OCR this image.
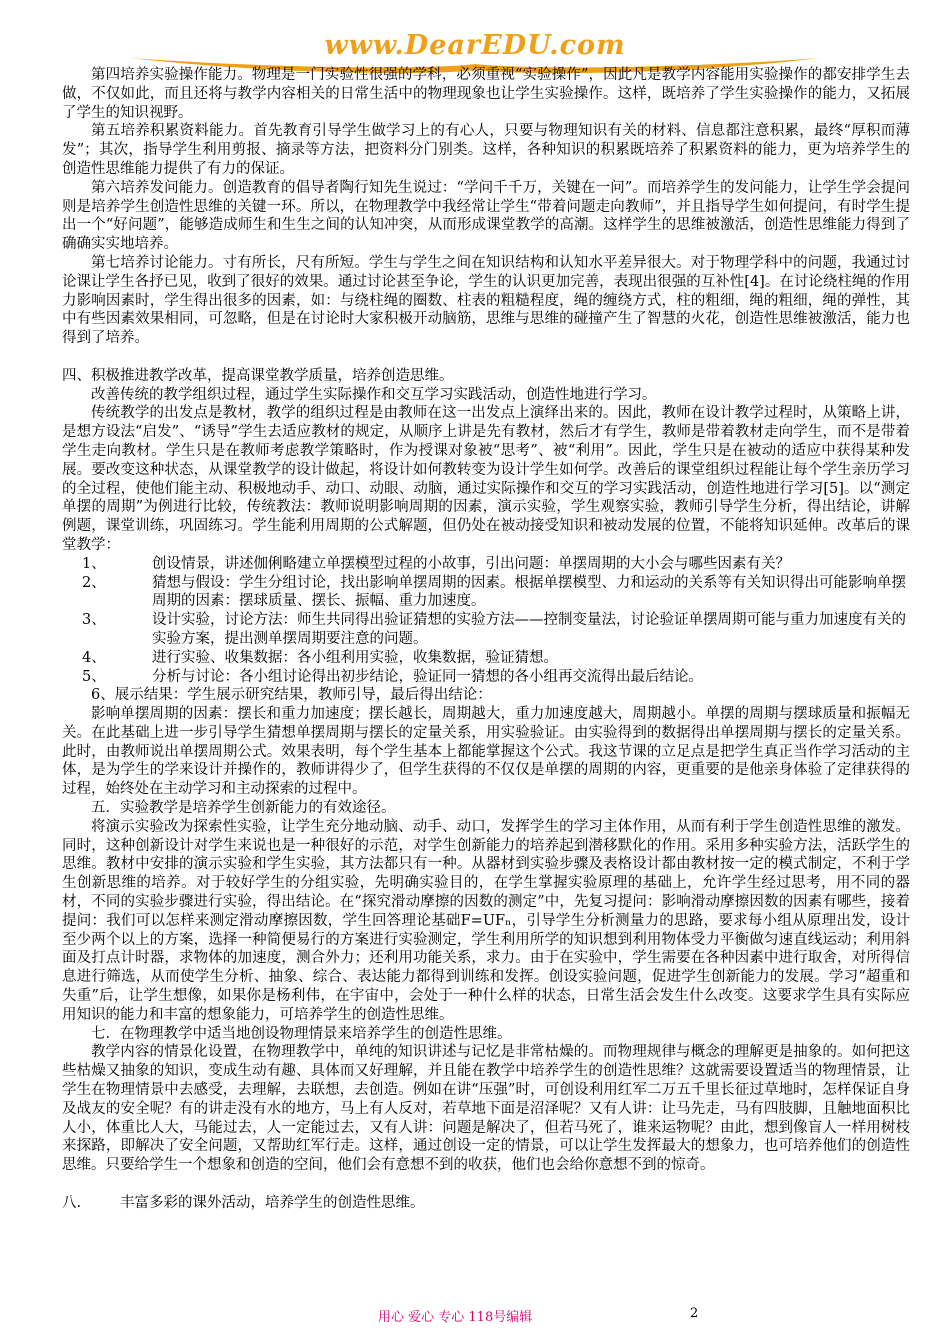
www.DearEDU.com

第四培养实验操作能力。物理是一门实验性很强的学科，必须重视“实验操作”，因此凡是教学内容能用实验操作的都安排学生去做，不仅如此，而且还将与教学内容相关的日常生活中的物理现象也让学生实验操作。这样，既培养了学生实验操作的能力，又拓展了学生的知识视野。

第五培养积累资料能力。首先教育引导学生做学习上的有心人，只要与物理知识有关的材料、信息都注意积累，最终“厚积而薄发”；其次，指导学生利用剪报、摘录等方法，把资料分门别类。这样，各种知识的积累既培养了积累资料的能力，更为培养学生的创造性思维能力提供了有力的保证。

第六培养发问能力。创造教育的倡导者陶行知先生说过：“学问千千万，关键在一问”。而培养学生的发问能力，让学生学会提问则是培养学生创造性思维的关键一环。所以，在物理教学中我经常让学生“带着问题走向教师”，并且指导学生如何提问，有时学生提出一个“好问题”，能够造成师生和生生之间的认知冲突，从而形成课堂教学的高潮。这样学生的思维被激活，创造性思维能力得到了确确实实地培养。

第七培养讨论能力。寸有所长，尺有所短。学生与学生之间在知识结构和认知水平差异很大。对于物理学科中的问题，我通过讨论课让学生各抒已见，收到了很好的效果。通过讨论甚至争论，学生的认识更加完善，表现出很强的互补性[4]。在讨论绕柱绳的作用力影响因素时，学生得出很多的因素，如：与绕柱绳的圈数、柱表的粗糙程度，绳的缠绕方式，柱的粗细，绳的粗细，绳的弹性，其中有些因素效果相同，可忽略，但是在讨论时大家积极开动脑筋，思维与思维的碰撞产生了智慧的火花，创造性思维被激活，能力也得到了培养。

四、积极推进教学改革，提高课堂教学质量，培养创造思维。

改善传统的教学组织过程，通过学生实际操作和交互学习实践活动，创造性地进行学习。

传统教学的出发点是教材，教学的组织过程是由教师在这一出发点上演绎出来的。因此，教师在设计教学过程时，从策略上讲，是想方设法“启发”、“诱导”学生去适应教材的规定，从顺序上讲是先有教材，然后才有学生，教师是带着教材走向学生，而不是带着学生走向教材。学生只是在教师考虑教学策略时，作为授课对象被“思考”、被“利用”。因此，学生只是在被动的适应中获得某种发展。要改变这种状态，从课堂教学的设计做起，将设计如何教转变为设计学生如何学。改善后的课堂组织过程能让每个学生亲历学习的全过程，使他们能主动、积极地动手、动口、动眼、动脑，通过实际操作和交互的学习实践活动，创造性地进行学习[5]。以“测定单摆的周期”为例进行比较，传统教法：教师说明影响周期的因素，演示实验，学生观察实验，教师引导学生分析，得出结论，讲解例题，课堂训练，巩固练习。学生能利用周期的公式解题，但仍处在被动接受知识和被动发展的位置，不能将知识延伸。改革后的课堂教学：

1、	创设情景，讲述伽俐略建立单摆模型过程的小故事，引出问题：单摆周期的大小会与哪些因素有关？
2、	猜想与假设：学生分组讨论，找出影响单摆周期的因素。根据单摆模型、力和运动的关系等有关知识得出可能影响单摆周期的因素：摆球质量、摆长、振幅、重力加速度。
3、	设计实验，讨论方法：师生共同得出验证猜想的实验方法——控制变量法，讨论验证单摆周期可能与重力加速度有关的实验方案，提出测单摆周期要注意的问题。
4、	进行实验、收集数据：各小组利用实验，收集数据，验证猜想。
5、	分析与讨论：各小组讨论得出初步结论，验证同一猜想的各小组再交流得出最后结论。

6、展示结果：学生展示研究结果，教师引导，最后得出结论：

影响单摆周期的因素：摆长和重力加速度；摆长越长，周期越大，重力加速度越大，周期越小。单摆的周期与摆球质量和振幅无关。在此基础上进一步引导学生猜想单摆周期与摆长的定量关系，用实验验证。由实验得到的数据得出单摆周期与摆长的定量关系。此时，由教师说出单摆周期公式。效果表明，每个学生基本上都能掌握这个公式。我这节课的立足点是把学生真正当作学习活动的主体，是为学生的学来设计并操作的，教师讲得少了，但学生获得的不仅仅是单摆的周期的内容，更重要的是他亲身体验了定律获得的过程，始终处在主动学习和主动探索的过程中。

五．实验教学是培养学生创新能力的有效途径。

将演示实验改为探索性实验，让学生充分地动脑、动手、动口，发挥学生的学习主体作用，从而有利于学生创造性思维的激发。同时，这种创新设计对学生来说也是一种很好的示范，对学生创新能力的培养起到潜移默化的作用。采用多种实验方法，活跃学生的思维。教材中安排的演示实验和学生实验，其方法都只有一种。从器材到实验步骤及表格设计都由教材按一定的模式制定，不利于学生创新思维的培养。对于较好学生的分组实验，先明确实验目的，在学生掌握实验原理的基础上，允许学生经过思考，用不同的器材，不同的实验步骤进行实验，得出结论。在“探究滑动摩擦的因数的测定”中，先复习提问：影响滑动摩擦因数的因素有哪些，接着提问：我们可以怎样来测定滑动摩擦因数，学生回答理论基础F=UFₙ，引导学生分析测量力的思路，要求每小组从原理出发，设计至少两个以上的方案，选择一种简便易行的方案进行实验测定，学生利用所学的知识想到利用物体受力平衡做匀速直线运动；利用斜面及打点计时器，求物体的加速度，测合外力；还利用功能关系，求力。由于在实验中，学生需要在各种因素中进行取舍，对所得信息进行筛选，从而使学生分析、抽象、综合、表达能力都得到训练和发挥。创设实验问题，促进学生创新能力的发展。学习“超重和失重”后，让学生想像，如果你是杨利伟，在宇宙中，会处于一种什么样的状态，日常生活会发生什么改变。这要求学生具有实际应用知识的能力和丰富的想象能力，可培养学生的创造性思维。

七．在物理教学中适当地创设物理情景来培养学生的创造性思维。

教学内容的情景化设置，在物理教学中，单纯的知识讲述与记忆是非常枯燥的。而物理规律与概念的理解更是抽象的。如何把这些枯燥又抽象的知识，变成生动有趣、具体而又好理解，并且能在教学中培养学生的创造性思维？这就需要设置适当的物理情景，让学生在物理情景中去感受，去理解，去联想，去创造。例如在讲“压强”时，可创设利用红军二万五千里长征过草地时，怎样保证自身及战友的安全呢？有的讲走没有水的地方，马上有人反对，若草地下面是沼泽呢？又有人讲：让马先走，马有四肢脚，且触地面积比人小，体重比人大，马能过去，人一定能过去，又有人讲：问题是解决了，但若马死了，谁来运物呢？由此，想到像盲人一样用树枝来探路，即解决了安全问题，又帮助红军行走。这样，通过创设一定的情景，可以让学生发挥最大的想象力，也可培养他们的创造性思维。只要给学生一个想象和创造的空间，他们会有意想不到的收获，他们也会给你意想不到的惊奇。

八.	丰富多彩的课外活动，培养学生的创造性思维。
用心 爱心 专心 118号编辑	2
